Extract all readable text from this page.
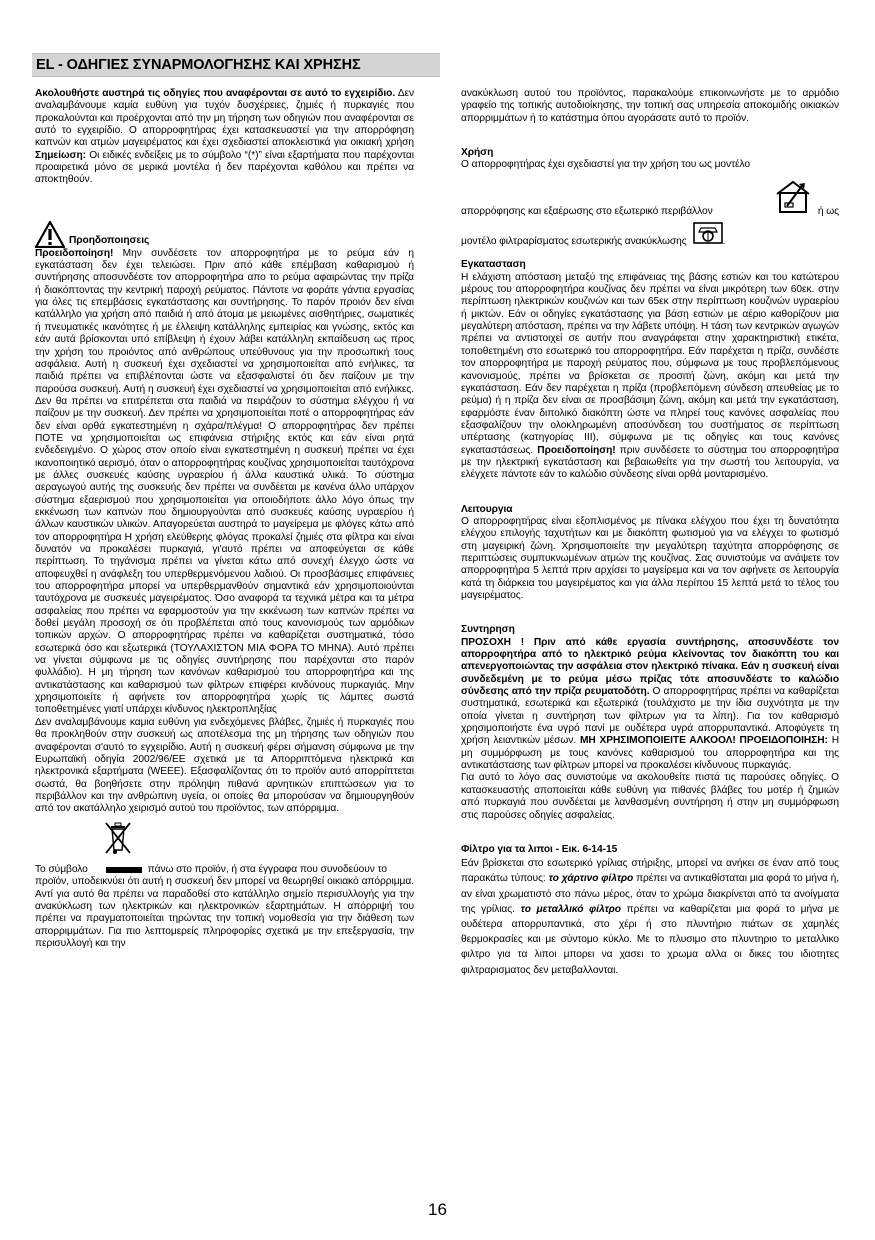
EL - ΟΔΗΓΙΕΣ ΣΥΝΑΡΜΟΛΟΓΗΣΗΣ ΚΑΙ ΧΡΗΣΗΣ

Ακολουθήστε αυστηρά τις οδηγίες που αναφέρονται σε αυτό το εγχειρίδιο. Δεν αναλαμβάνουμε καμία ευθύνη για τυχόν δυσχέρειες, ζημιές ή πυρκαγιές που προκαλούνται και προέρχονται από την μη τήρηση των οδηγιών που αναφέρονται σε αυτό το εγχειρίδιο. Ο απορροφητήρας έχει κατασκευαστεί για την απορρόφηση καπνών και ατμών μαγειρέματος και έχει σχεδιαστεί αποκλειστικά για οικιακή χρήση Σημείωση: Οι ειδικές ενδείξεις με το σύμβολο “(*)” είναι εξαρτήματα που παρέχονται προαιρετικά μόνο σε μερικά μοντέλα ή δεν παρέχονται καθόλου και πρέπει να αποκτηθούν.

Προηδοποιησεις

Προειδοποίηση! Μην συνδέσετε τον απορροφητήρα με το ρεύμα εάν η εγκατάσταση δεν έχει τελειώσει. Πριν από κάθε επέμβαση καθαρισμού ή συντήρησης αποσυνδέστε τον απορροφητήρα απο το ρεύμα αφαιρώντας την πρίζα ή διακόπτοντας την κεντρική παροχή ρεύματος. Πάντοτε να φοράτε γάντια εργασίας για όλες τις επεμβάσεις εγκατάστασης και συντήρησης. Το παρόν προιόν δεν είναι κατάλληλο για χρήση από παιδιά ή από άτομα με μειωμένες αισθητήριες, σωματικές ή πνευματικές ικανότητες ή με έλλειψη κατάλληλης εμπειρίας και γνώσης, εκτός και εάν αυτά βρίσκονται υπό επίβλεψη ή έχουν λάβει κατάλληλη εκπαίδευση ως προς την χρήση του προιόντος από ανθρώπους υπεύθυνους για την προσωπική τους ασφάλεια. Αυτή η συσκευή έχει σχεδιαστεί να χρησιμοποιείται από ενήλικες, τα παιδιά πρέπει να επιβλέπονται ώστε να εξασφαλιστεί ότι δεν παίζουν με την παρούσα συσκευή. Αυτή η συσκευή έχει σχεδιαστεί να χρησιμοποιείται από ενήλικες. Δεν θα πρέπει να επιτρέπεται στα παιδιά να πειράζουν το σύστημα ελέγχου ή να παίζουν με την συσκευή. Δεν πρέπει να χρησιμοποιείται ποτέ ο απορροφητήρας εάν δεν είναι ορθά εγκατεστημένη η σχάρα/πλέγμα! Ο απορροφητήρας δεν πρέπει ΠΟΤΕ να χρησιμοποιείται ως επιφάνεια στήριξης εκτός και εάν είναι ρητά ενδεδειγμένο. Ο χώρος στον οποίο είναι εγκατεστημένη η συσκευή πρέπει να έχει ικανοποιητικό αερισμό, όταν ο απορροφητήρας κουζίνας χρησιμοποιείται ταυτόχρονα με άλλες συσκευές καύσης υγραερίου ή άλλα καυστικά υλικά. Το σύστημα αεραγωγού αυτής της συσκευής δεν πρέπει να συνδέεται με κανένα άλλο υπάρχον σύστημα εξαερισμού που χρησιμοποιείται για οποιοδήποτε άλλο λόγο όπως την εκκένωση των καπνών που δημιουργούνται από συσκευές καύσης υγραερίου ή άλλων καυστικών υλικών. Απαγορεύεται αυστηρά το μαγείρεμα με φλόγες κάτω από τον απορροφητήρα Η χρήση ελεύθερης φλόγας προκαλεί ζημιές στα φίλτρα και είναι δυνατόν να προκαλέσει πυρκαγιά, γι'αυτό πρέπει να αποφεύγεται σε κάθε περίπτωση. Το τηγάνισμα πρέπει να γίνεται κάτω από συνεχή έλεγχο ώστε να αποφευχθεί η ανάφλεξη του υπερθερμενόμενου λαδιού. Οι προσβάσιμες επιφάνειες του απορροφητήρα μπορεί να υπερθερμανθούν σημαντικά εάν χρησιμοποιούνται ταυτόχρονα με συσκευές μαγειρέματος. Όσο αναφορά τα τεχνικά μέτρα και τα μέτρα ασφαλείας που πρέπει να εφαρμοστούν για την εκκένωση των καπνών πρέπει να δοθεί μεγάλη προσοχή σε ότι προβλέπεται από τους κανονισμούς των αρμόδιων τοπικών αρχών. Ο απορροφητήρας πρέπει να καθαρίζεται συστηματικά, τόσο εσωτερικά όσο και εξωτερικά (ΤΟΥΛΑΧΙΣΤΟΝ ΜΙΑ ΦΟΡΑ ΤΟ ΜΗΝΑ). Αυτό πρέπει να γίνεται σύμφωνα με τις οδηγίες συντήρησης που παρέχονται στο παρόν φυλλάδιο). Η μη τήρηση των κανόνων καθαρισμού του απορροφητήρα και της αντικατάστασης και καθαρισμού των φίλτρων επιφέρει κινδύνους πυρκαγιάς. Μην χρησιμοποιείτε ή αφήνετε τον απορροφητήρα χωρίς τις λάμπες σωστά τοποθετημένες γιατί υπάρχει κίνδυνος ηλεκτροπληξίας

Δεν αναλαμβάνουμε καμια ευθύνη για ενδεχόμενες βλάβες, ζημιές ή πυρκαγιές που θα προκληθούν στην συσκευή ως αποτέλεσμα της μη τήρησης των οδηγιών που αναφέρονται σ'αυτό το εγχειρίδιο. Αυτή η συσκευή φέρει σήμανση σύμφωνα με την Ευρωπαϊκή οδηγία 2002/96/ΕΕ σχετικά με τα Απορριπτόμενα ηλεκτρικά και ηλεκτρονικά εξαρτήματα (WEEE). Εξασφαλίζοντας ότι το προϊόν αυτό απορρίπτεται σωστά, θα βοηθήσετε στην πρόληψη πιθανά αρνητικών επιπτώσεων για το περιβάλλον και την ανθρώπινη υγεία, οι οποίες θα μπορούσαν να δημιουργηθούν από τον ακατάλληλο χειρισμό αυτού του προϊόντος, των απόρριμμα.

Το σύμβολο	πάνω στο προϊόν, ή στα έγγραφα που συνοδεύουν το

προϊόν, υποδεικνύει ότι αυτή η συσκευή δεν μπορεί να θεωρηθεί οικιακό απόρριμμα. Αντί για αυτό θα πρέπει να παραδοθεί στο κατάλληλο σημείο περισυλλογής για την ανακύκλωση των ηλεκτρικών και ηλεκτρονικών εξαρτημάτων. Η απόρριψή του πρέπει να πραγματοποιείται τηρώντας την τοπική νομοθεσία για την διάθεση των απορριμμάτων. Για πιο λεπτομερείς πληροφορίες σχετικά με την επεξεργασία, την περισυλλογή και την

ανακύκλωση αυτού του προϊόντος, παρακαλούμε επικοινωνήστε με το αρμόδιο γραφείο της τοπικής αυτοδιοίκησης, την τοπική σας υπηρεσία αποκομιδής οικιακών απορριμμάτων ή το κατάστημα όπου αγοράσατε αυτό το προϊόν.

Χρήση

Ο απορροφητήρας έχει σχεδιαστεί για την χρήση του ως μοντέλο

απορρόφησης και εξαέρωσης στο εξωτερικό περιβάλλον	ή ως
μοντέλο φιλτραρίσματος εσωτερικής ανακύκλωσης	.

Εγκατασταση

Η ελάχιστη απόσταση μεταξύ της επιφάνειας της βάσης εστιών και του κατώτερου μέρους του απορροφητήρα κουζίνας δεν πρέπει να είναι μικρότερη των 60εκ. στην περίπτωση ηλεκτρικών κουζινών και των 65εκ στην περίπτωση κουζινών υγραερίου ή μικτών. Εάν οι οδηγίες εγκατάστασης για βάση εστιών με αέριο καθορίζουν μια μεγαλύτερη απόσταση, πρέπει να την λάβετε υπόψη. Η τάση των κεντρικών αγωγών πρέπει να αντιστοιχεί σε αυτήν που αναγράφεται στην χαρακτηριστική ετικέτα, τοποθετημένη στο εσωτερικό του απορροφητήρα. Εάν παρέχεται η πρίζα, συνδέστε τον απορροφητήρα με παροχή ρεύματος που, σύμφωνα με τους προβλεπόμενους κανονισμούς, πρέπει να βρίσκεται σε προσιτή ζώνη, ακόμη και μετά την εγκατάσταση. Εάν δεν παρέχεται η πρίζα (προβλεπόμενη σύνδεση απευθείας με το ρεύμα) ή η πρίζα δεν είναι σε προσβάσιμη ζώνη, ακόμη και μετά την εγκατάσταση, εφαρμόστε έναν διπολικό διακόπτη ώστε να πληρεί τους κανόνες ασφαλείας που εξασφαλίζουν την ολοκληρωμένη αποσύνδεση του συστήματος σε περίπτωση υπέρτασης (κατηγορίας ΙΙΙ), σύμφωνα με τις οδηγίες και τους κανόνες εγκαταστάσεως. Προειδοποίηση! πριν συνδέσετε το σύστημα του απορροφητήρα με την ηλεκτρική εγκατάσταση και βεβαιωθείτε για την σωστή του λειτουργία, να ελέγχετε πάντοτε εάν το καλώδιο σύνδεσης είναι ορθά μονταρισμένο.

Λειτουργια

Ο απορροφητήρας είναι εξοπλισμένος με πίνακα ελέγχου που έχει τη δυνατότητα ελέγχου επιλογής ταχυτήτων και με διακόπτη φωτισμού για να ελέγχει το φωτισμό στη μαγειρική ζώνη. Χρησιμοποιείτε την μεγαλύτερη ταχύτητα απορρόφησης σε περιπτώσεις συμπυκνωμένων ατμών της κουζίνας. Σας συνιστούμε να ανάψετε τον απορροφητήρα 5 λεπτά πριν αρχίσει το μαγείρεμα και να τον αφήνετε σε λειτουργία κατά τη διάρκεια του μαγειρέματος και για άλλα περίπου 15 λεπτά μετά το τέλος του μαγειρέματος.

Συντηρηση

ΠΡΟΣΟΧΗ ! Πριν από κάθε εργασία συντήρησης, αποσυνδέστε τον απορροφητήρα από το ηλεκτρικό ρεύμα κλείνοντας τον διακόπτη του και απενεργοποιώντας την ασφάλεια στον ηλεκτρικό πίνακα. Εάν η συσκευή είναι συνδεδεμένη με το ρεύμα μέσω πρίζας τότε αποσυνδέστε το καλώδιο σύνδεσης από την πρίζα ρευματοδότη. Ο απορροφητήρας πρέπει να καθαρίζεται συστηματικά, εσωτερικά και εξωτερικά (τουλάχιστο με την ίδια συχνότητα με την οποία γίνεται η συντήρηση των φίλτρων για τα λίπη). Για τον καθαρισμό χρησιμοποιήστε ένα υγρό πανί με ουδέτερα υγρά απορρυπαντικά. Αποφύγετε τη χρήση λειαντικών μέσων. ΜΗ ΧΡΗΣΙΜΟΠΟΙΕΙΤΕ ΑΛΚΟΟΛ! ΠΡΟΕΙΔΟΠΟΙΗΣΗ: Η μη συμμόρφωση με τους κανόνες καθαρισμού του απορροφητήρα και της αντικατάστασης των φίλτρων μπορεί να προκαλέσει κίνδυνους πυρκαγιάς.

Για αυτό το λόγο σας συνιστούμε να ακολουθείτε πιστά τις παρούσες οδηγίες. Ο κατασκευαστής αποποιείται κάθε ευθύνη για πιθανές βλάβες του μοτέρ ή ζημιών από πυρκαγιά που συνδέεται με λανθασμένη συντήρηση ή στην μη συμμόρφωση στις παρούσες οδηγίες ασφαλείας.

Φίλτρο για τα λιποι - Εικ. 6-14-15

Εάν βρίσκεται στο εσωτερικό γρίλιας στήριξης, μπορεί να ανήκει σε έναν από τους παρακάτω τύπους: το χάρτινο φίλτρο πρέπει να αντικαθίσταται μια φορά το μήνα ή, αν είναι χρωματιστό στο πάνω μέρος, όταν το χρώμα διακρίνεται από τα ανοίγματα της γρίλιας. το μεταλλικό φίλτρο πρέπει να καθαρίζεται μια φορά το μήνα με ουδέτερα απορρυπαντικά, στο χέρι ή στο πλυντήριο πιάτων σε χαμηλές θερμοκρασίες και με σύντομο κύκλο. Με το πλυσιμο στο πλυντηριο το μεταλλικο φιλτρο για τα λιποι μπορει να χασει το χρωμα αλλα οι δικες του ιδιοτητες φιλτραρισματος δεν μεταβαλλονται.

16
